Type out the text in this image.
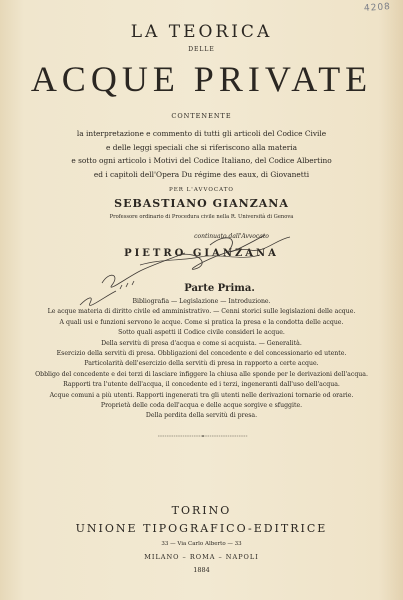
4208
LA TEORICA
DELLE
ACQUE PRIVATE
CONTENENTE
la interpretazione e commento di tutti gli articoli del Codice Civile
e delle leggi speciali che si riferiscono alla materia
e sotto ogni articolo i Motivi del Codice Italiano, del Codice Albertino
ed i capitoli dell'Opera Du régime des eaux, di Giovanetti
PER L'AVVOCATO
SEBASTIANO GIANZANA
Professore ordinario di Procedura civile nella R. Università di Genova
continuato dall'Avvocato
PIETRO GIANZANA
Parte Prima.
Bibliografia — Legislazione — Introduzione.
Le acque materia di diritto civile ed amministrativo. — Cenni storici sulle legislazioni delle acque.
A quali usi e funzioni servono le acque. Come si pratica la presa e la condotta delle acque.
Sotto quali aspetti il Codice civile consideri le acque.
Della servitù di presa d'acqua e come si acquista. — Generalità.
Esercizio della servitù di presa. Obbligazioni del concedente e del concessionario ed utente.
Particolarità dell'esercizio della servitù di presa in rapporto a certe acque.
Obbligo del concedente e dei terzi di lasciare infiggere la chiusa alle sponde per le derivazioni dell'acqua.
Rapporti tra l'utente dell'acqua, il concedente ed i terzi, ingeneranti dall'uso dell'acqua.
Acque comuni a più utenti. Rapporti ingenerati tra gli utenti nelle derivazioni tornarie od orarie.
Proprietà delle coda dell'acqua e delle acque sorgive e sfuggite.
Della perdita della servitù di presa.
TORINO
UNIONE TIPOGRAFICO-EDITRICE
33 — Via Carlo Alberto — 33
MILANO – ROMA – NAPOLI
1884
